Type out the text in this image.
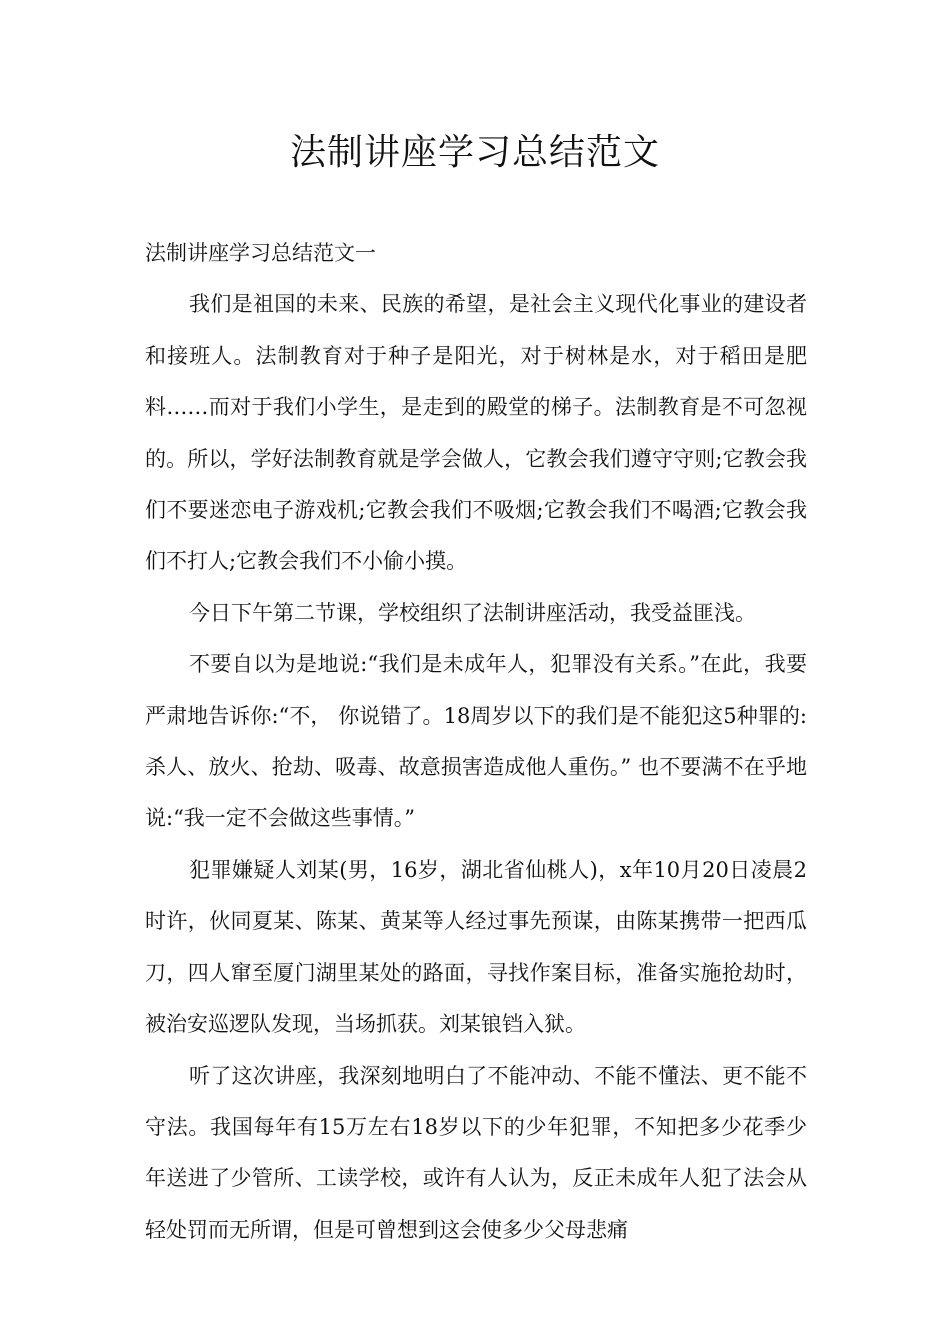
法制讲座学习总结范文

法制讲座学习总结范文一

我们是祖国的未来、民族的希望，是社会主义现代化事业的建设者和接班人。法制教育对于种子是阳光，对于树林是水，对于稻田是肥料……而对于我们小学生，是走到的殿堂的梯子。法制教育是不可忽视的。所以，学好法制教育就是学会做人，它教会我们遵守守则;它教会我们不要迷恋电子游戏机;它教会我们不吸烟;它教会我们不喝酒;它教会我们不打人;它教会我们不小偷小摸。

今日下午第二节课，学校组织了法制讲座活动，我受益匪浅。

不要自以为是地说:“我们是未成年人，犯罪没有关系。”在此，我要严肃地告诉你:“不， 你说错了。18周岁以下的我们是不能犯这5种罪的:杀人、放火、抢劫、吸毒、故意损害造成他人重伤。” 也不要满不在乎地说:“我一定不会做这些事情。”

犯罪嫌疑人刘某(男，16岁，湖北省仙桃人)，x年10月20日凌晨2时许，伙同夏某、陈某、黄某等人经过事先预谋，由陈某携带一把西瓜刀，四人窜至厦门湖里某处的路面，寻找作案目标，准备实施抢劫时，被治安巡逻队发现，当场抓获。刘某锒铛入狱。

听了这次讲座，我深刻地明白了不能冲动、不能不懂法、更不能不守法。我国每年有15万左右18岁以下的少年犯罪，不知把多少花季少年送进了少管所、工读学校，或许有人认为，反正未成年人犯了法会从轻处罚而无所谓，但是可曾想到这会使多少父母悲痛
